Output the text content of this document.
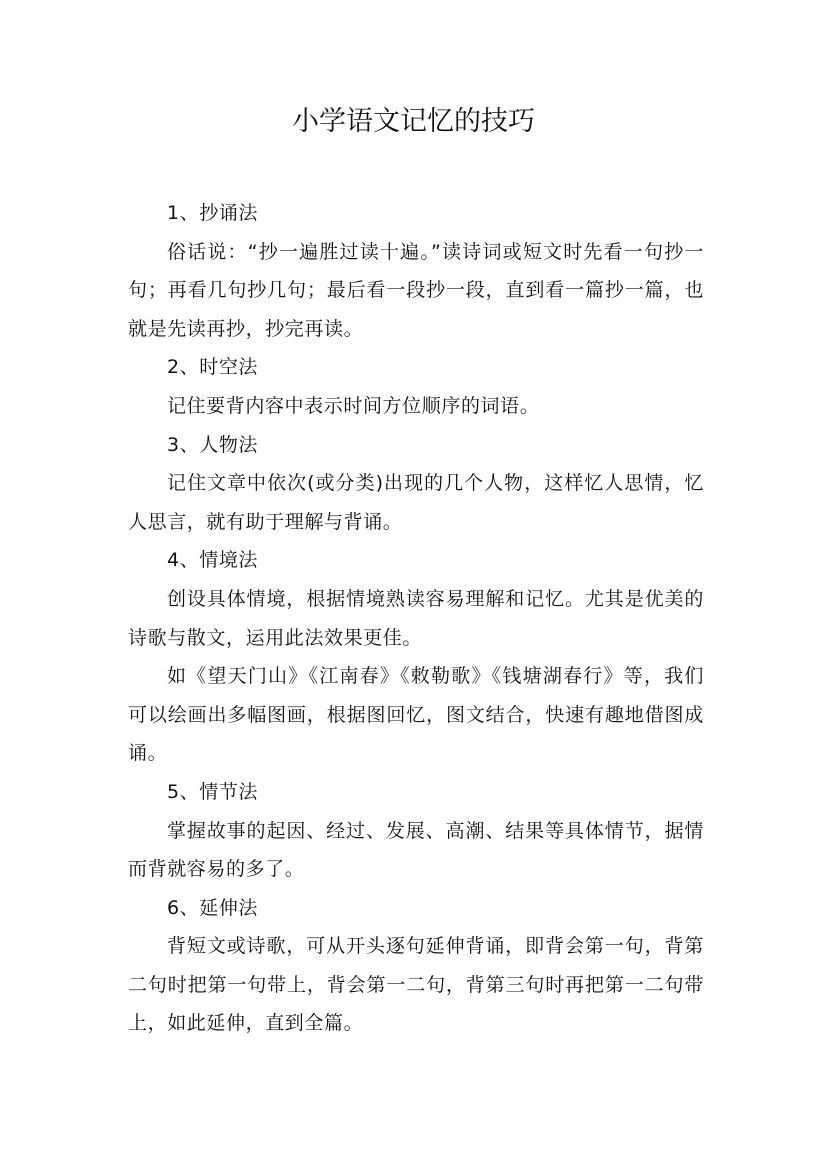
小学语文记忆的技巧

1、抄诵法

俗话说：“抄一遍胜过读十遍。”读诗词或短文时先看一句抄一句；再看几句抄几句；最后看一段抄一段，直到看一篇抄一篇，也就是先读再抄，抄完再读。

2、时空法

记住要背内容中表示时间方位顺序的词语。

3、人物法

记住文章中依次(或分类)出现的几个人物，这样忆人思情，忆人思言，就有助于理解与背诵。

4、情境法

创设具体情境，根据情境熟读容易理解和记忆。尤其是优美的诗歌与散文，运用此法效果更佳。

如《望天门山》《江南春》《敕勒歌》《钱塘湖春行》等，我们可以绘画出多幅图画，根据图回忆，图文结合，快速有趣地借图成诵。

5、情节法

掌握故事的起因、经过、发展、高潮、结果等具体情节，据情而背就容易的多了。

6、延伸法

背短文或诗歌，可从开头逐句延伸背诵，即背会第一句，背第二句时把第一句带上，背会第一二句，背第三句时再把第一二句带上，如此延伸，直到全篇。
